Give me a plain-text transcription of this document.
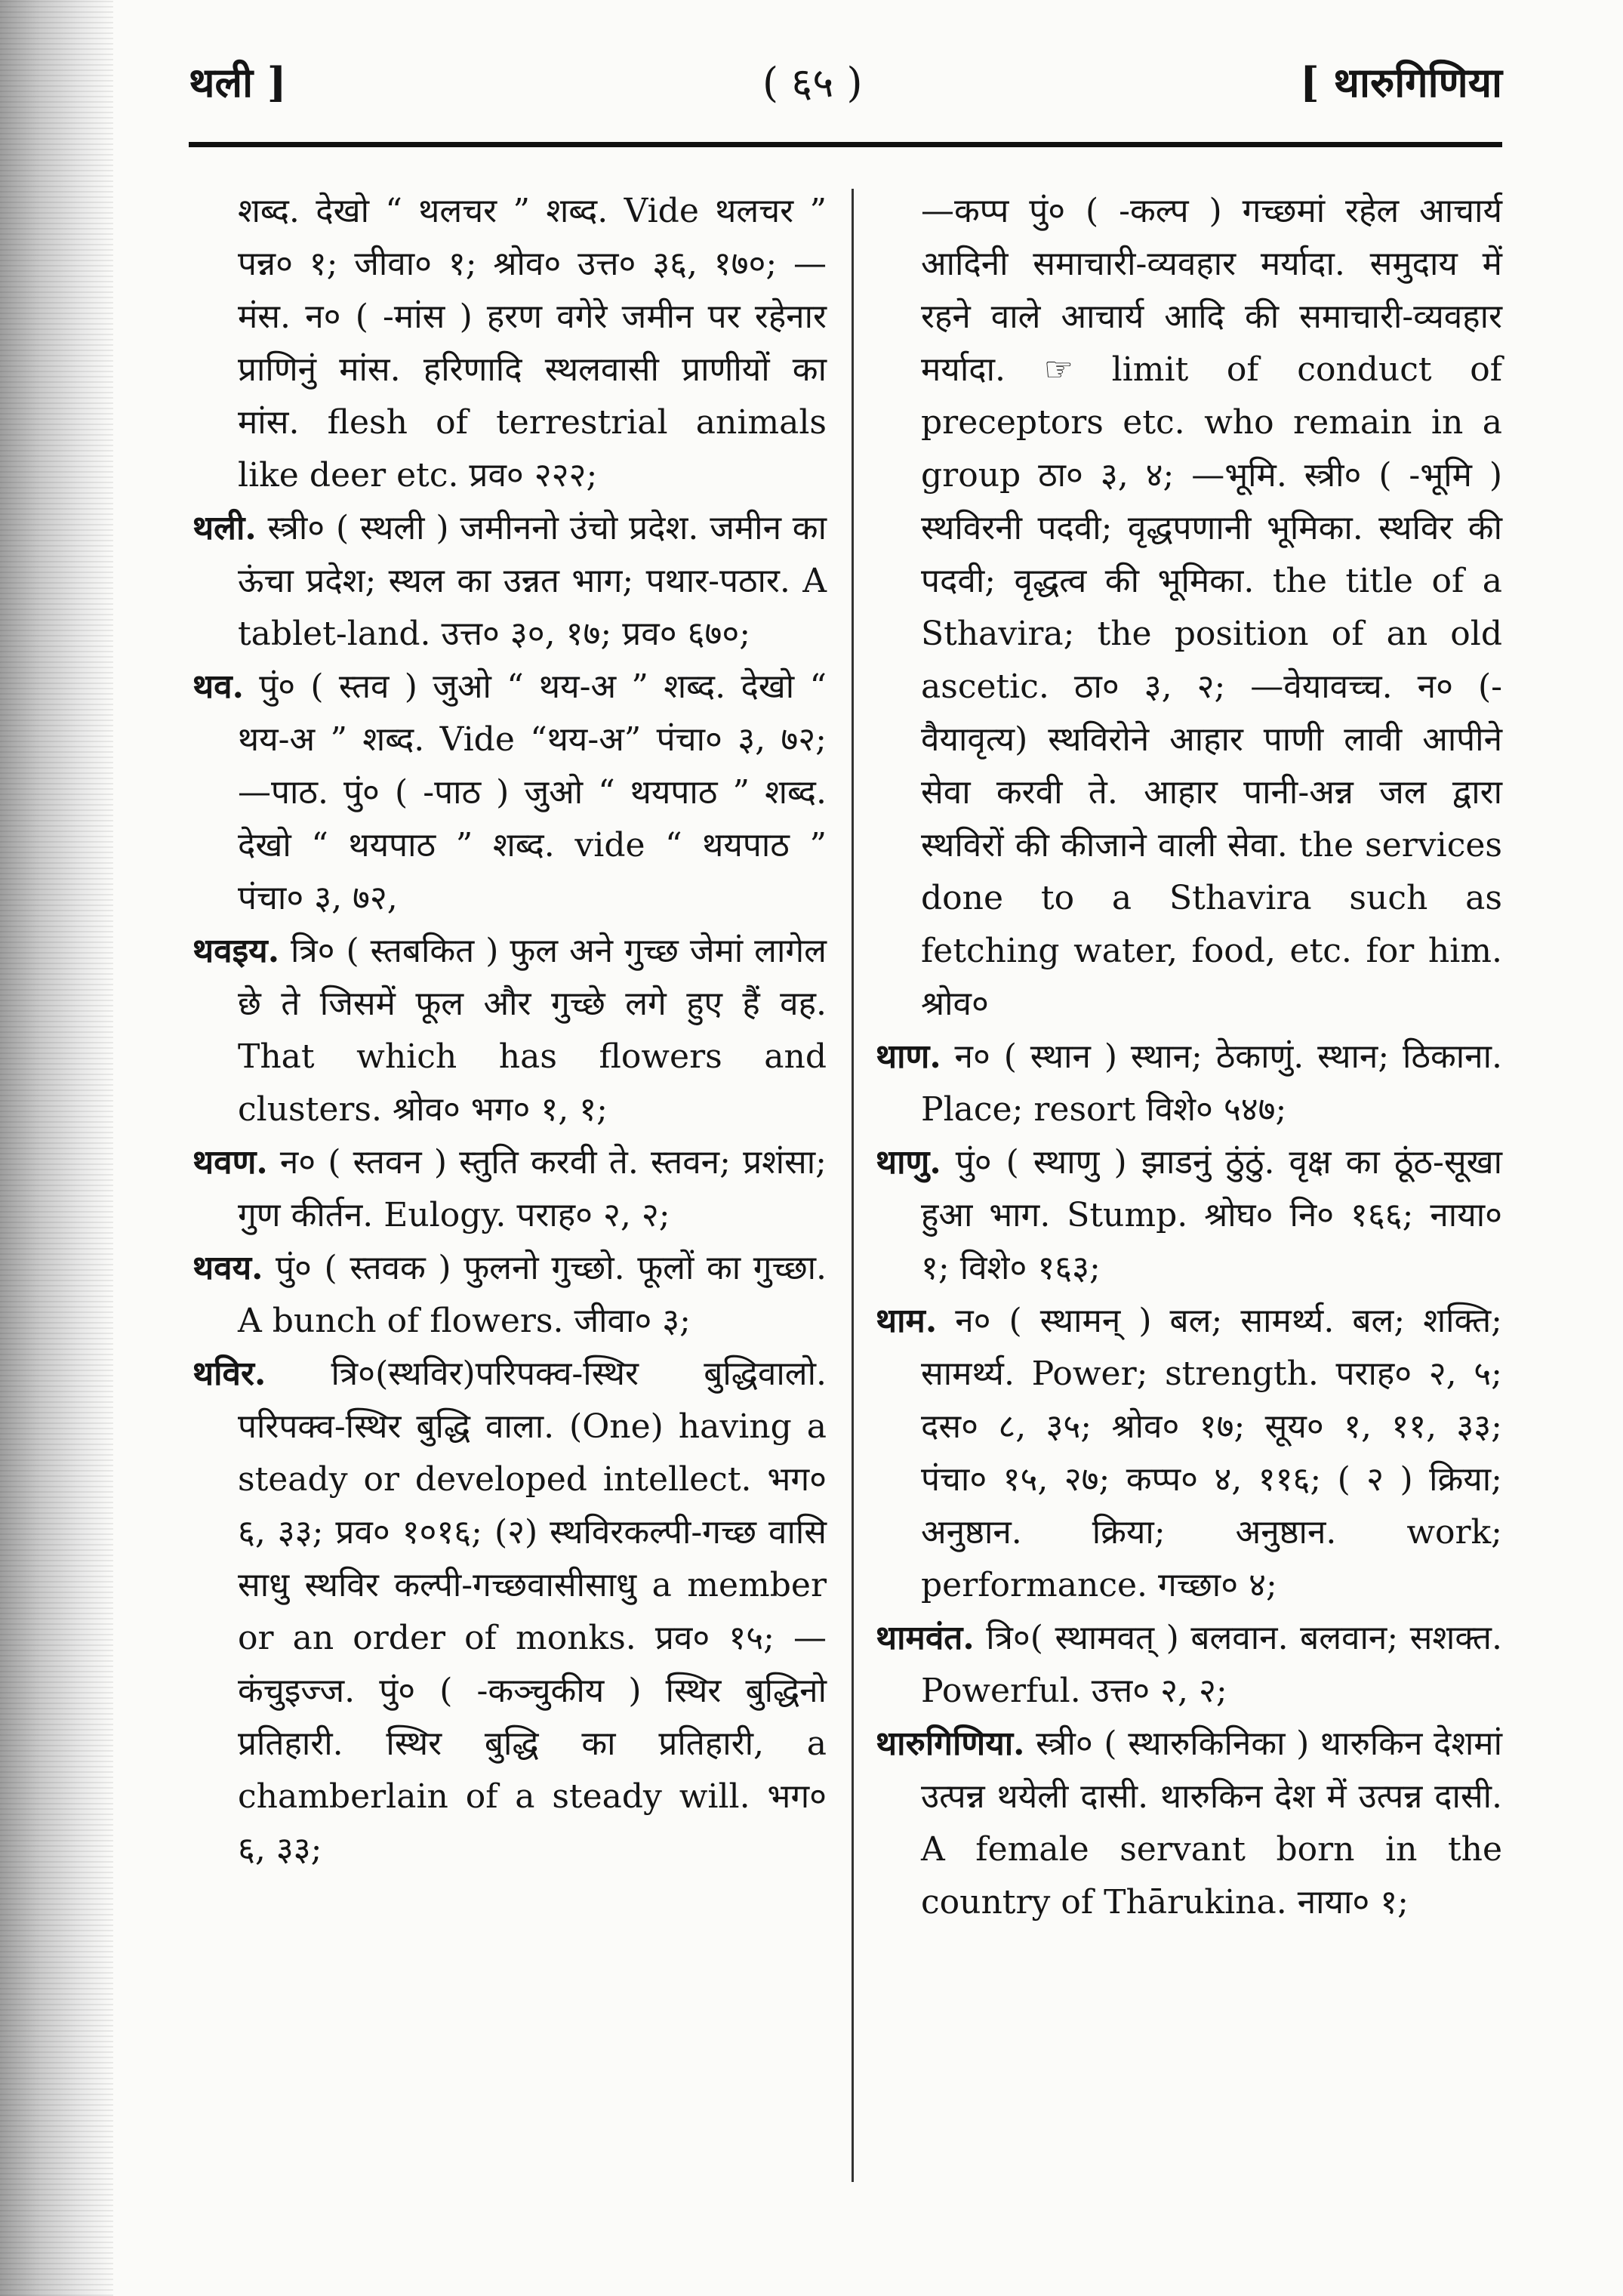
थली ]	( ६५ )	[ थारुगिणिया

शब्द. देखो “ थलचर ” शब्द. Vide थलचर ” पन्न० १; जीवा० १; श्रोव० उत्त० ३६, १७०; —मंस. न० ( -मांस ) हरण वगेरे जमीन पर रहेनार प्राणिनुं मांस. हरिणादि स्थलवासी प्राणीयों का मांस. flesh of terrestrial animals like deer etc. प्रव० २२२;

थली. स्त्री० ( स्थली ) जमीननो उंचो प्रदेश. जमीन का ऊंचा प्रदेश; स्थल का उन्नत भाग; पथार-पठार. A tablet-land. उत्त० ३०, १७; प्रव० ६७०;

थव. पुं० ( स्तव ) जुओ “ थय-अ ” शब्द. देखो “ थय-अ ” शब्द. Vide “थय-अ” पंचा० ३, ७२; —पाठ. पुं० ( -पाठ ) जुओ “ थयपाठ ” शब्द. देखो “ थयपाठ ” शब्द. vide “ थयपाठ ” पंचा० ३, ७२,

थवइय. त्रि० ( स्तबकित ) फुल अने गुच्छ जेमां लागेल छे ते जिसमें फूल और गुच्छे लगे हुए हैं वह. That which has flowers and clusters. श्रोव० भग० १, १;

थवण. न० ( स्तवन ) स्तुति करवी ते. स्तवन; प्रशंसा; गुण कीर्तन. Eulogy. पराह० २, २;

थवय. पुं० ( स्तवक ) फुलनो गुच्छो. फूलों का गुच्छा. A bunch of flowers. जीवा० ३;

थविर. त्रि०(स्थविर)परिपक्व-स्थिर बुद्धिवालो. परिपक्व-स्थिर बुद्धि वाला. (One) having a steady or developed intellect. भग० ६, ३३; प्रव० १०१६; (२) स्थविरकल्पी-गच्छ वासि साधु स्थविर कल्पी-गच्छवासीसाधु a member or an order of monks. प्रव० १५; —कंचुइज्ज. पुं० ( -कञ्चुकीय ) स्थिर बुद्धिनो प्रतिहारी. स्थिर बुद्धि का प्रतिहारी, a chamberlain of a steady will. भग० ६, ३३;

—कप्प पुं० ( -कल्प ) गच्छमां रहेल आचार्य आदिनी समाचारी-व्यवहार मर्यादा. समुदाय में रहने वाले आचार्य आदि की समाचारी-व्यवहार मर्यादा. ☞ limit of conduct of preceptors etc. who remain in a group ठा० ३, ४; —भूमि. स्त्री० ( -भूमि ) स्थविरनी पदवी; वृद्धपणानी भूमिका. स्थविर की पदवी; वृद्धत्व की भूमिका. the title of a Sthavira; the position of an old ascetic. ठा० ३, २; —वेयावच्च. न० (-वैयावृत्य) स्थविरोने आहार पाणी लावी आपीने सेवा करवी ते. आहार पानी-अन्न जल द्वारा स्थविरों की कीजाने वाली सेवा. the services done to a Sthavira such as fetching water, food, etc. for him. श्रोव०

थाण. न० ( स्थान ) स्थान; ठेकाणुं. स्थान; ठिकाना. Place; resort विशे० ५४७;

थाणु. पुं० ( स्थाणु ) झाडनुं ठुंठुं. वृक्ष का ठूंठ-सूखा हुआ भाग. Stump. श्रोघ० नि० १६६; नाया० १; विशे० १६३;

थाम. न० ( स्थामन् ) बल; सामर्थ्य. बल; शक्ति; सामर्थ्य. Power; strength. पराह० २, ५; दस० ८, ३५; श्रोव० १७; सूय० १, ११, ३३; पंचा० १५, २७; कप्प० ४, ११६; ( २ ) क्रिया; अनुष्ठान. क्रिया; अनुष्ठान. work; performance. गच्छा० ४;

थामवंत. त्रि०( स्थामवत् ) बलवान. बलवान; सशक्त. Powerful. उत्त० २, २;

थारुगिणिया. स्त्री० ( स्थारुकिनिका ) थारुकिन देशमां उत्पन्न थयेली दासी. थारुकिन देश में उत्पन्न दासी. A female servant born in the country of Thārukina. नाया० १;
